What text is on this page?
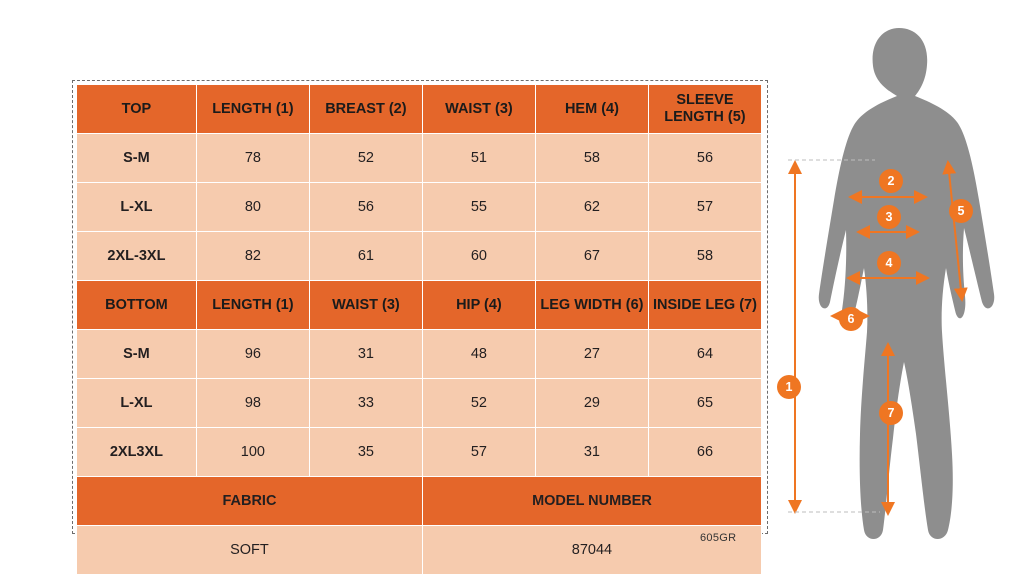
TOP	LENGTH (1)	BREAST (2)	WAIST (3)	HEM (4)	SLEEVE LENGTH (5)
S-M	78	52	51	58	56
L-XL	80	56	55	62	57
2XL-3XL	82	61	60	67	58
BOTTOM	LENGTH (1)	WAIST (3)	HIP (4)	LEG WIDTH (6)	INSIDE LEG (7)
S-M	96	31	48	27	64
L-XL	98	33	52	29	65
2XL3XL	100	35	57	31	66
FABRIC			MODEL NUMBER		
SOFT			87044		
605GR
1
2
3
4
5
6
7
